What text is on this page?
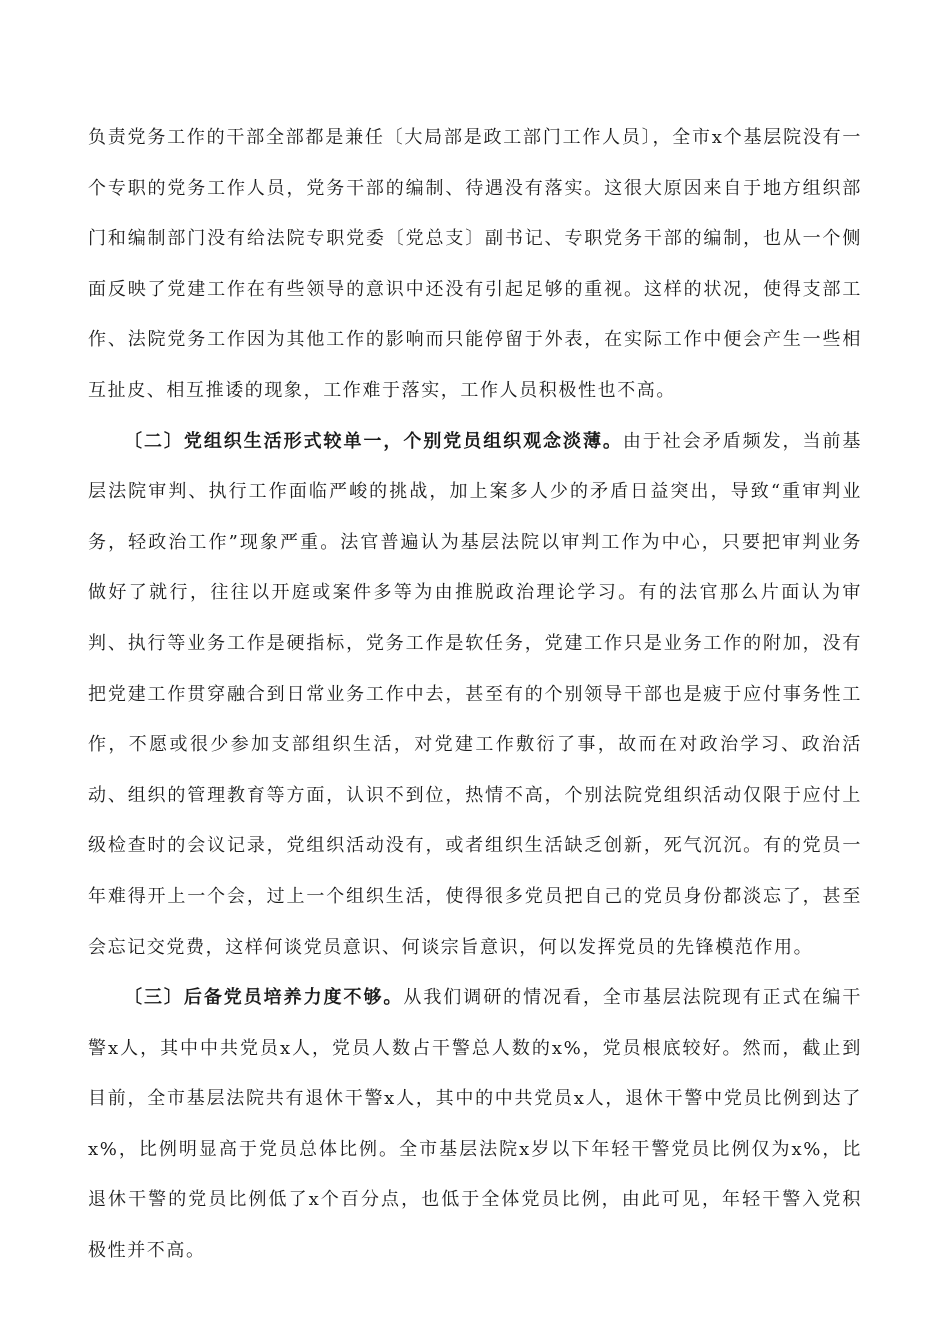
负责党务工作的干部全部都是兼任〔大局部是政工部门工作人员〕，全市x个基层院没有一个专职的党务工作人员，党务干部的编制、待遇没有落实。这很大原因来自于地方组织部门和编制部门没有给法院专职党委〔党总支〕副书记、专职党务干部的编制，也从一个侧面反映了党建工作在有些领导的意识中还没有引起足够的重视。这样的状况，使得支部工作、法院党务工作因为其他工作的影响而只能停留于外表，在实际工作中便会产生一些相互扯皮、相互推诿的现象，工作难于落实，工作人员积极性也不高。

〔二〕党组织生活形式较单一，个别党员组织观念淡薄。由于社会矛盾频发，当前基层法院审判、执行工作面临严峻的挑战，加上案多人少的矛盾日益突出，导致“重审判业务，轻政治工作”现象严重。法官普遍认为基层法院以审判工作为中心，只要把审判业务做好了就行，往往以开庭或案件多等为由推脱政治理论学习。有的法官那么片面认为审判、执行等业务工作是硬指标，党务工作是软任务，党建工作只是业务工作的附加，没有把党建工作贯穿融合到日常业务工作中去，甚至有的个别领导干部也是疲于应付事务性工作，不愿或很少参加支部组织生活，对党建工作敷衍了事，故而在对政治学习、政治活动、组织的管理教育等方面，认识不到位，热情不高，个别法院党组织活动仅限于应付上级检查时的会议记录，党组织活动没有，或者组织生活缺乏创新，死气沉沉。有的党员一年难得开上一个会，过上一个组织生活，使得很多党员把自己的党员身份都淡忘了，甚至会忘记交党费，这样何谈党员意识、何谈宗旨意识，何以发挥党员的先锋模范作用。

〔三〕后备党员培养力度不够。从我们调研的情况看，全市基层法院现有正式在编干警x人，其中中共党员x人，党员人数占干警总人数的x%，党员根底较好。然而，截止到目前，全市基层法院共有退休干警x人，其中的中共党员x人，退休干警中党员比例到达了x%，比例明显高于党员总体比例。全市基层法院x岁以下年轻干警党员比例仅为x%，比退休干警的党员比例低了x个百分点，也低于全体党员比例，由此可见，年轻干警入党积极性并不高。
